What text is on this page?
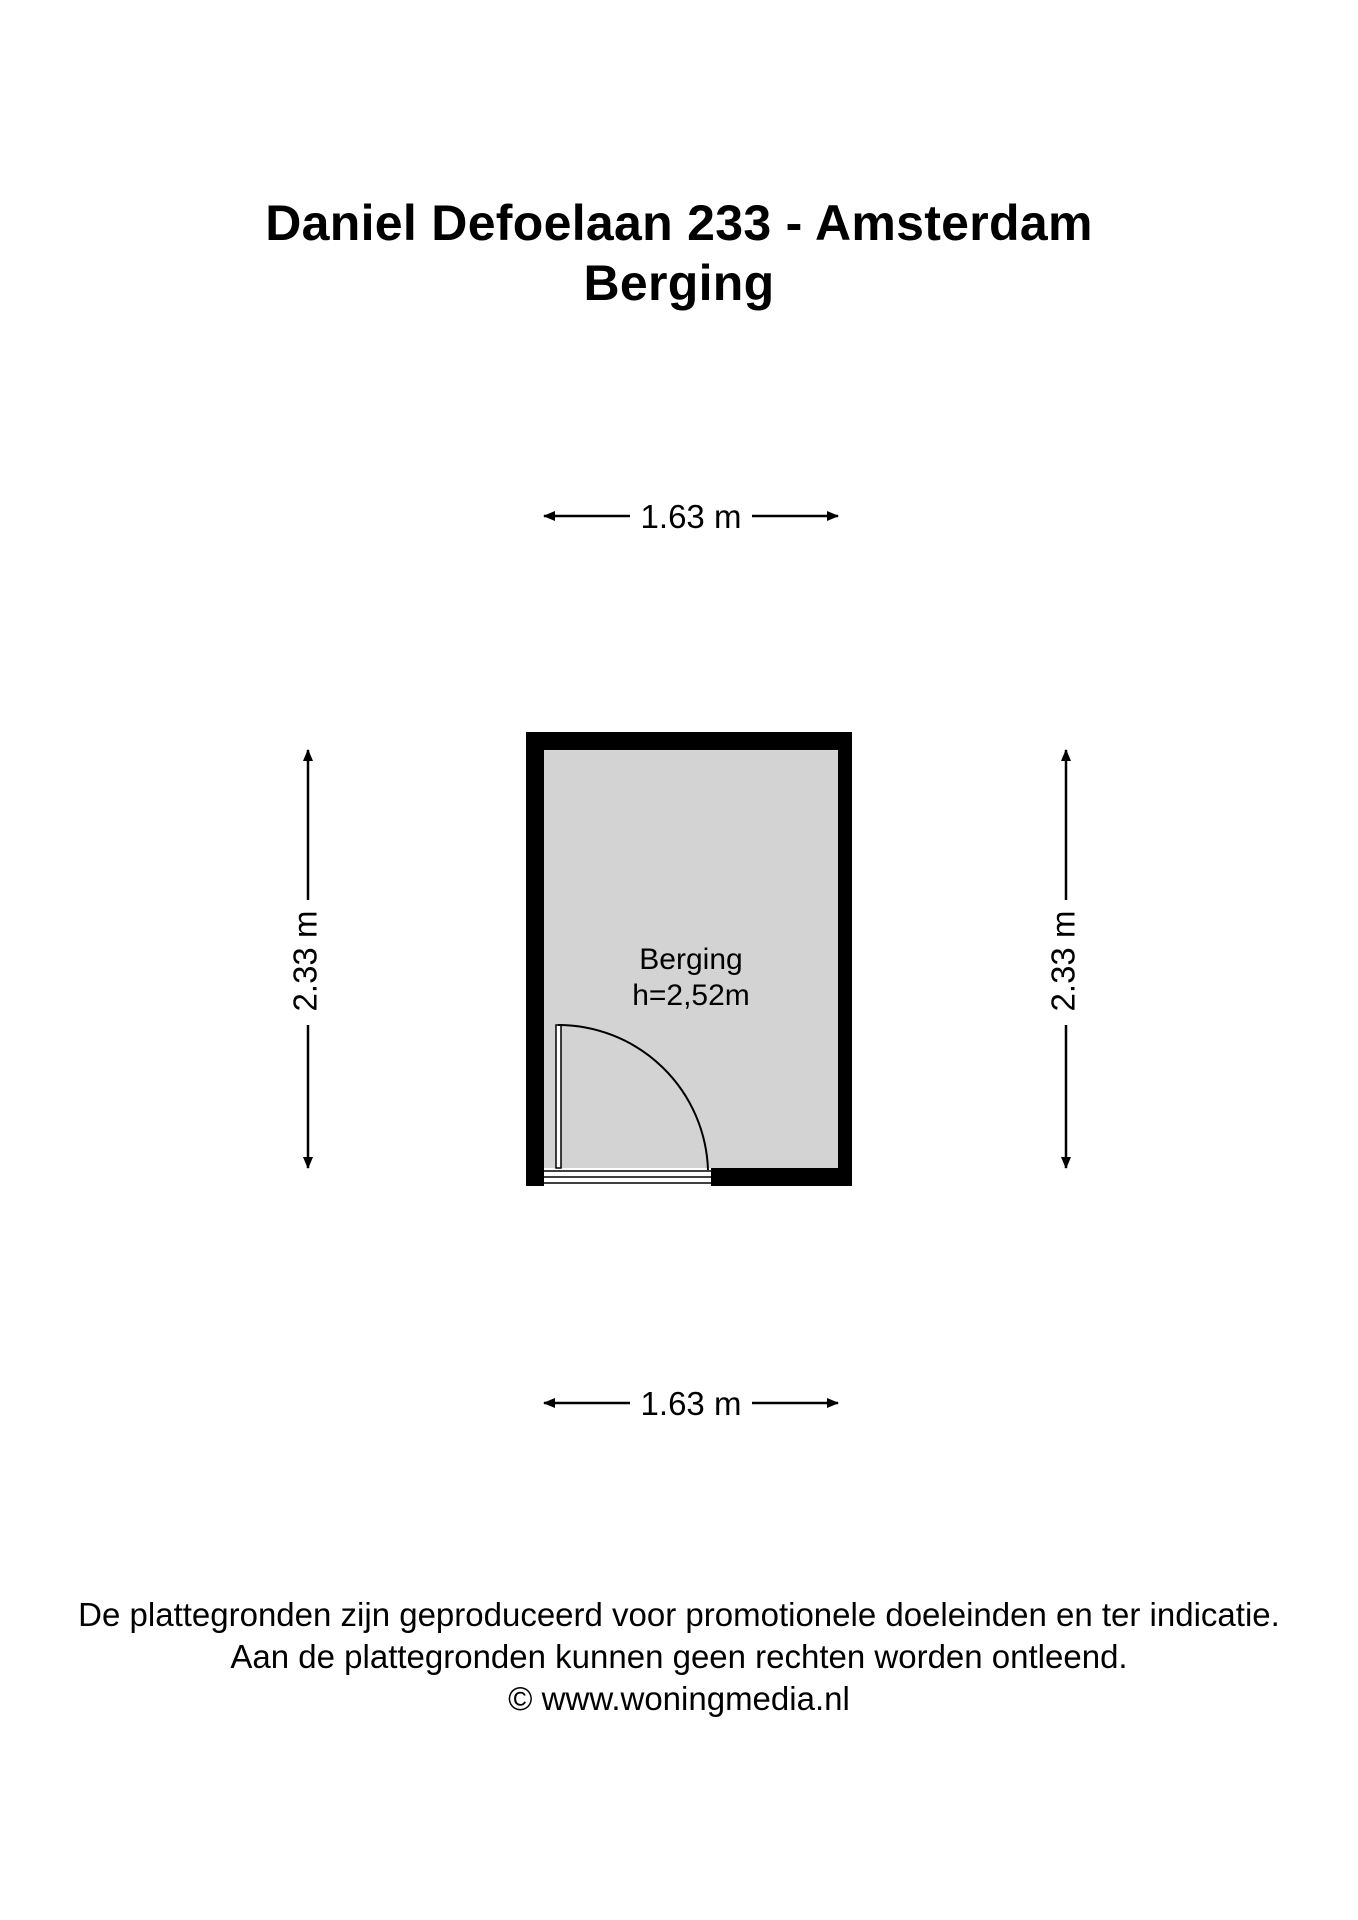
Daniel Defoelaan 233 - Amsterdam
Berging
1.63 m
1.63 m
2.33 m	2.33 m
Berging
h=2,52m
De plattegronden zijn geproduceerd voor promotionele doeleinden en ter indicatie.
Aan de plattegronden kunnen geen rechten worden ontleend.
© www.woningmedia.nl
